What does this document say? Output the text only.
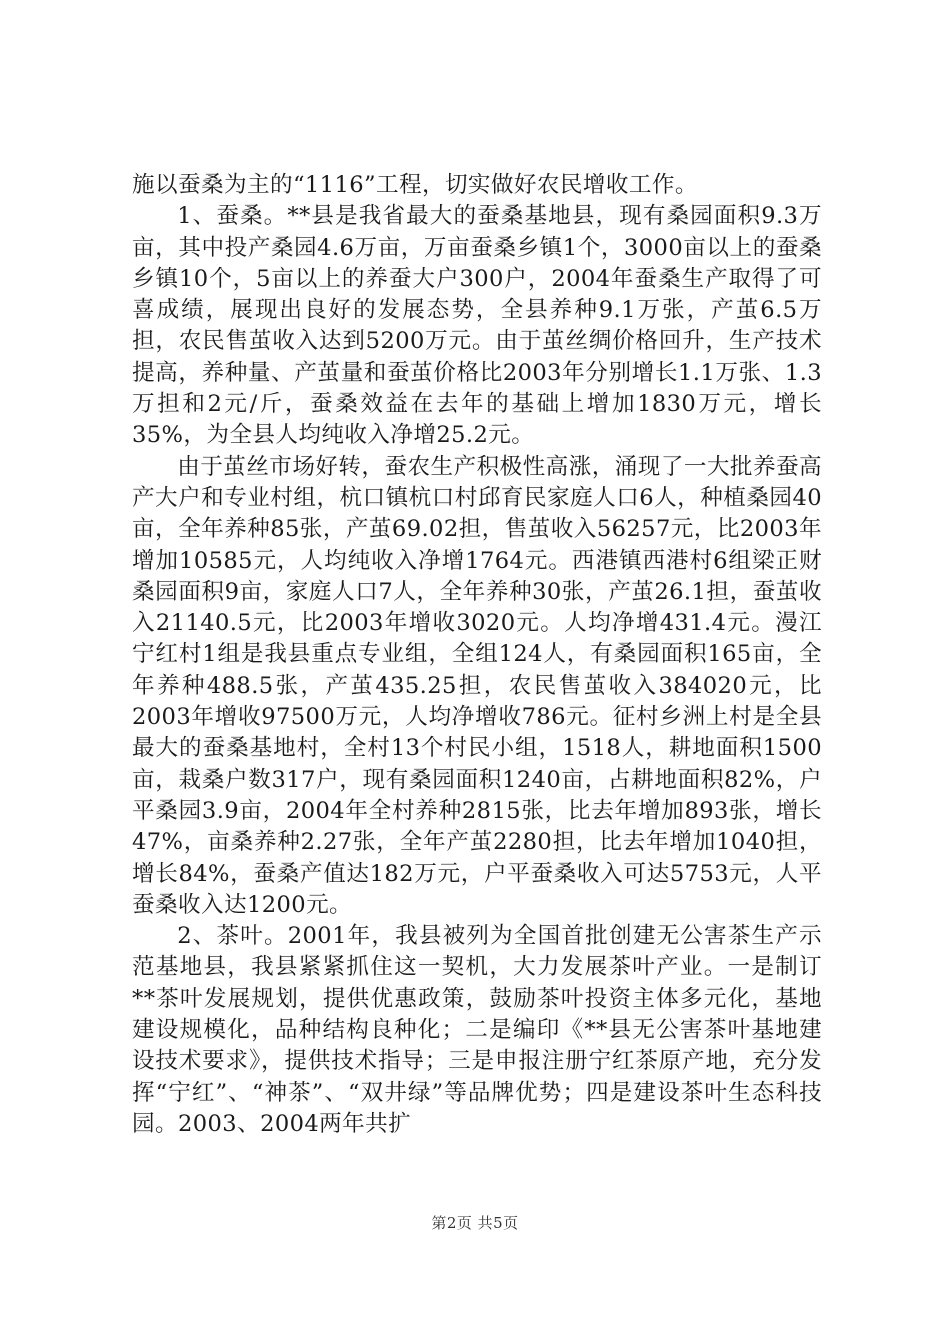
施以蚕桑为主的“1116”工程，切实做好农民增收工作。

1、蚕桑。**县是我省最大的蚕桑基地县，现有桑园面积9.3万亩，其中投产桑园4.6万亩，万亩蚕桑乡镇1个，3000亩以上的蚕桑乡镇10个，5亩以上的养蚕大户300户，2004年蚕桑生产取得了可喜成绩，展现出良好的发展态势，全县养种9.1万张，产茧6.5万担，农民售茧收入达到5200万元。由于茧丝绸价格回升，生产技术提高，养种量、产茧量和蚕茧价格比2003年分别增长1.1万张、1.3万担和2元/斤，蚕桑效益在去年的基础上增加1830万元，增长35%，为全县人均纯收入净增25.2元。

由于茧丝市场好转，蚕农生产积极性高涨，涌现了一大批养蚕高产大户和专业村组，杭口镇杭口村邱育民家庭人口6人，种植桑园40亩，全年养种85张，产茧69.02担，售茧收入56257元，比2003年增加10585元，人均纯收入净增1764元。西港镇西港村6组梁正财桑园面积9亩，家庭人口7人，全年养种30张，产茧26.1担，蚕茧收入21140.5元，比2003年增收3020元。人均净增431.4元。漫江宁红村1组是我县重点专业组，全组124人，有桑园面积165亩，全年养种488.5张，产茧435.25担，农民售茧收入384020元，比2003年增收97500万元，人均净增收786元。征村乡洲上村是全县最大的蚕桑基地村，全村13个村民小组，1518人，耕地面积1500亩，栽桑户数317户，现有桑园面积1240亩，占耕地面积82%，户平桑园3.9亩，2004年全村养种2815张，比去年增加893张，增长47%，亩桑养种2.27张，全年产茧2280担，比去年增加1040担，增长84%，蚕桑产值达182万元，户平蚕桑收入可达5753元，人平蚕桑收入达1200元。

2、茶叶。2001年，我县被列为全国首批创建无公害茶生产示范基地县，我县紧紧抓住这一契机，大力发展茶叶产业。一是制订**茶叶发展规划，提供优惠政策，鼓励茶叶投资主体多元化，基地建设规模化，品种结构良种化；二是编印《**县无公害茶叶基地建设技术要求》，提供技术指导；三是申报注册宁红茶原产地，充分发挥“宁红”、“神茶”、“双井绿”等品牌优势；四是建设茶叶生态科技园。2003、2004两年共扩

第2页 共5页
